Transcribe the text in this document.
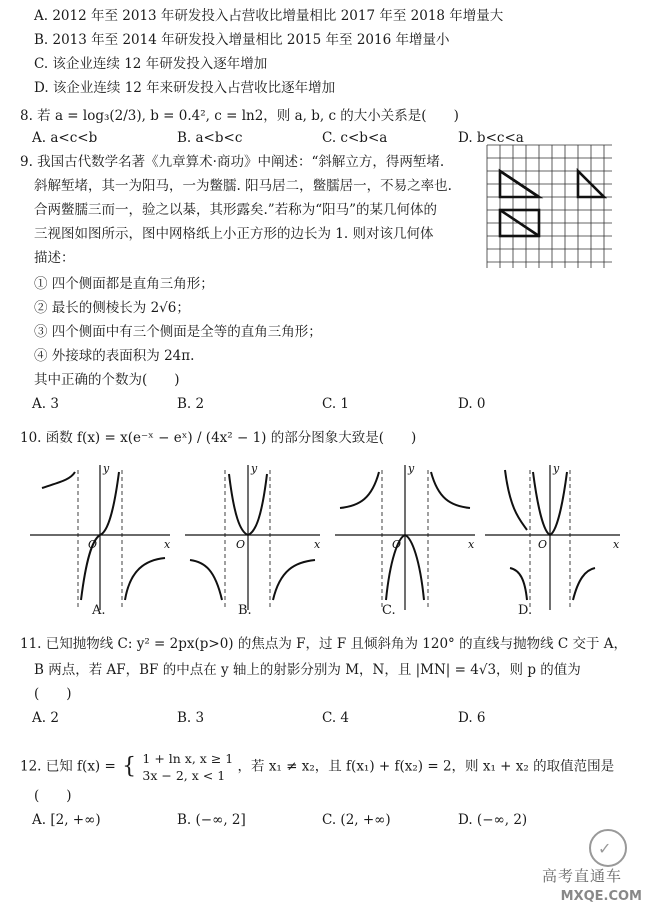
A. 2012 年至 2013 年研发投入占营收比增量相比 2017 年至 2018 年增量大
B. 2013 年至 2014 年研发投入增量相比 2015 年至 2016 年增量小
C. 该企业连续 12 年研发投入逐年增加
D. 该企业连续 12 年来研发投入占营收比逐年增加
8. 若 a = log₃(2/3), b = 0.4², c = ln2，则 a, b, c 的大小关系是(　　)
A. a<c<b	B. a<b<c	C. c<b<a	D. b<c<a
9. 我国古代数学名著《九章算术·商功》中阐述：“斜解立方，得两堑堵.
斜解堑堵，其一为阳马，一为鳖臑. 阳马居二，鳖臑居一，不易之率也.
合两鳖臑三而一，验之以棊，其形露矣.”若称为“阳马”的某几何体的
三视图如图所示，图中网格纸上小正方形的边长为 1. 则对该几何体
描述：
① 四个侧面都是直角三角形；
② 最长的侧棱长为 2√6；
③ 四个侧面中有三个侧面是全等的直角三角形；
④ 外接球的表面积为 24π.
其中正确的个数为(　　)
A. 3	B. 2	C. 1	D. 0
10. 函数 f(x) = x(e⁻ˣ − eˣ) / (4x² − 1) 的部分图象大致是(　　)
y
x
O
y
x
O
y
x
O
y
x
O
A.	B.	C.	D.
11. 已知抛物线 C: y² = 2px(p>0) 的焦点为 F，过 F 且倾斜角为 120° 的直线与抛物线 C 交于 A，
B 两点，若 AF，BF 的中点在 y 轴上的射影分别为 M，N，且 |MN| = 4√3，则 p 的值为
(　　)
A. 2	B. 3	C. 4	D. 6
12. 已知 f(x) = { 1 + ln x, x ≥ 1
3x − 2, x < 1
，若 x₁ ≠ x₂，且 f(x₁) + f(x₂) = 2，则 x₁ + x₂ 的取值范围是
(　　)
A. [2, +∞)	B. (−∞, 2]	C. (2, +∞)	D. (−∞, 2)
✓
高考直通车
MXQE.COM
